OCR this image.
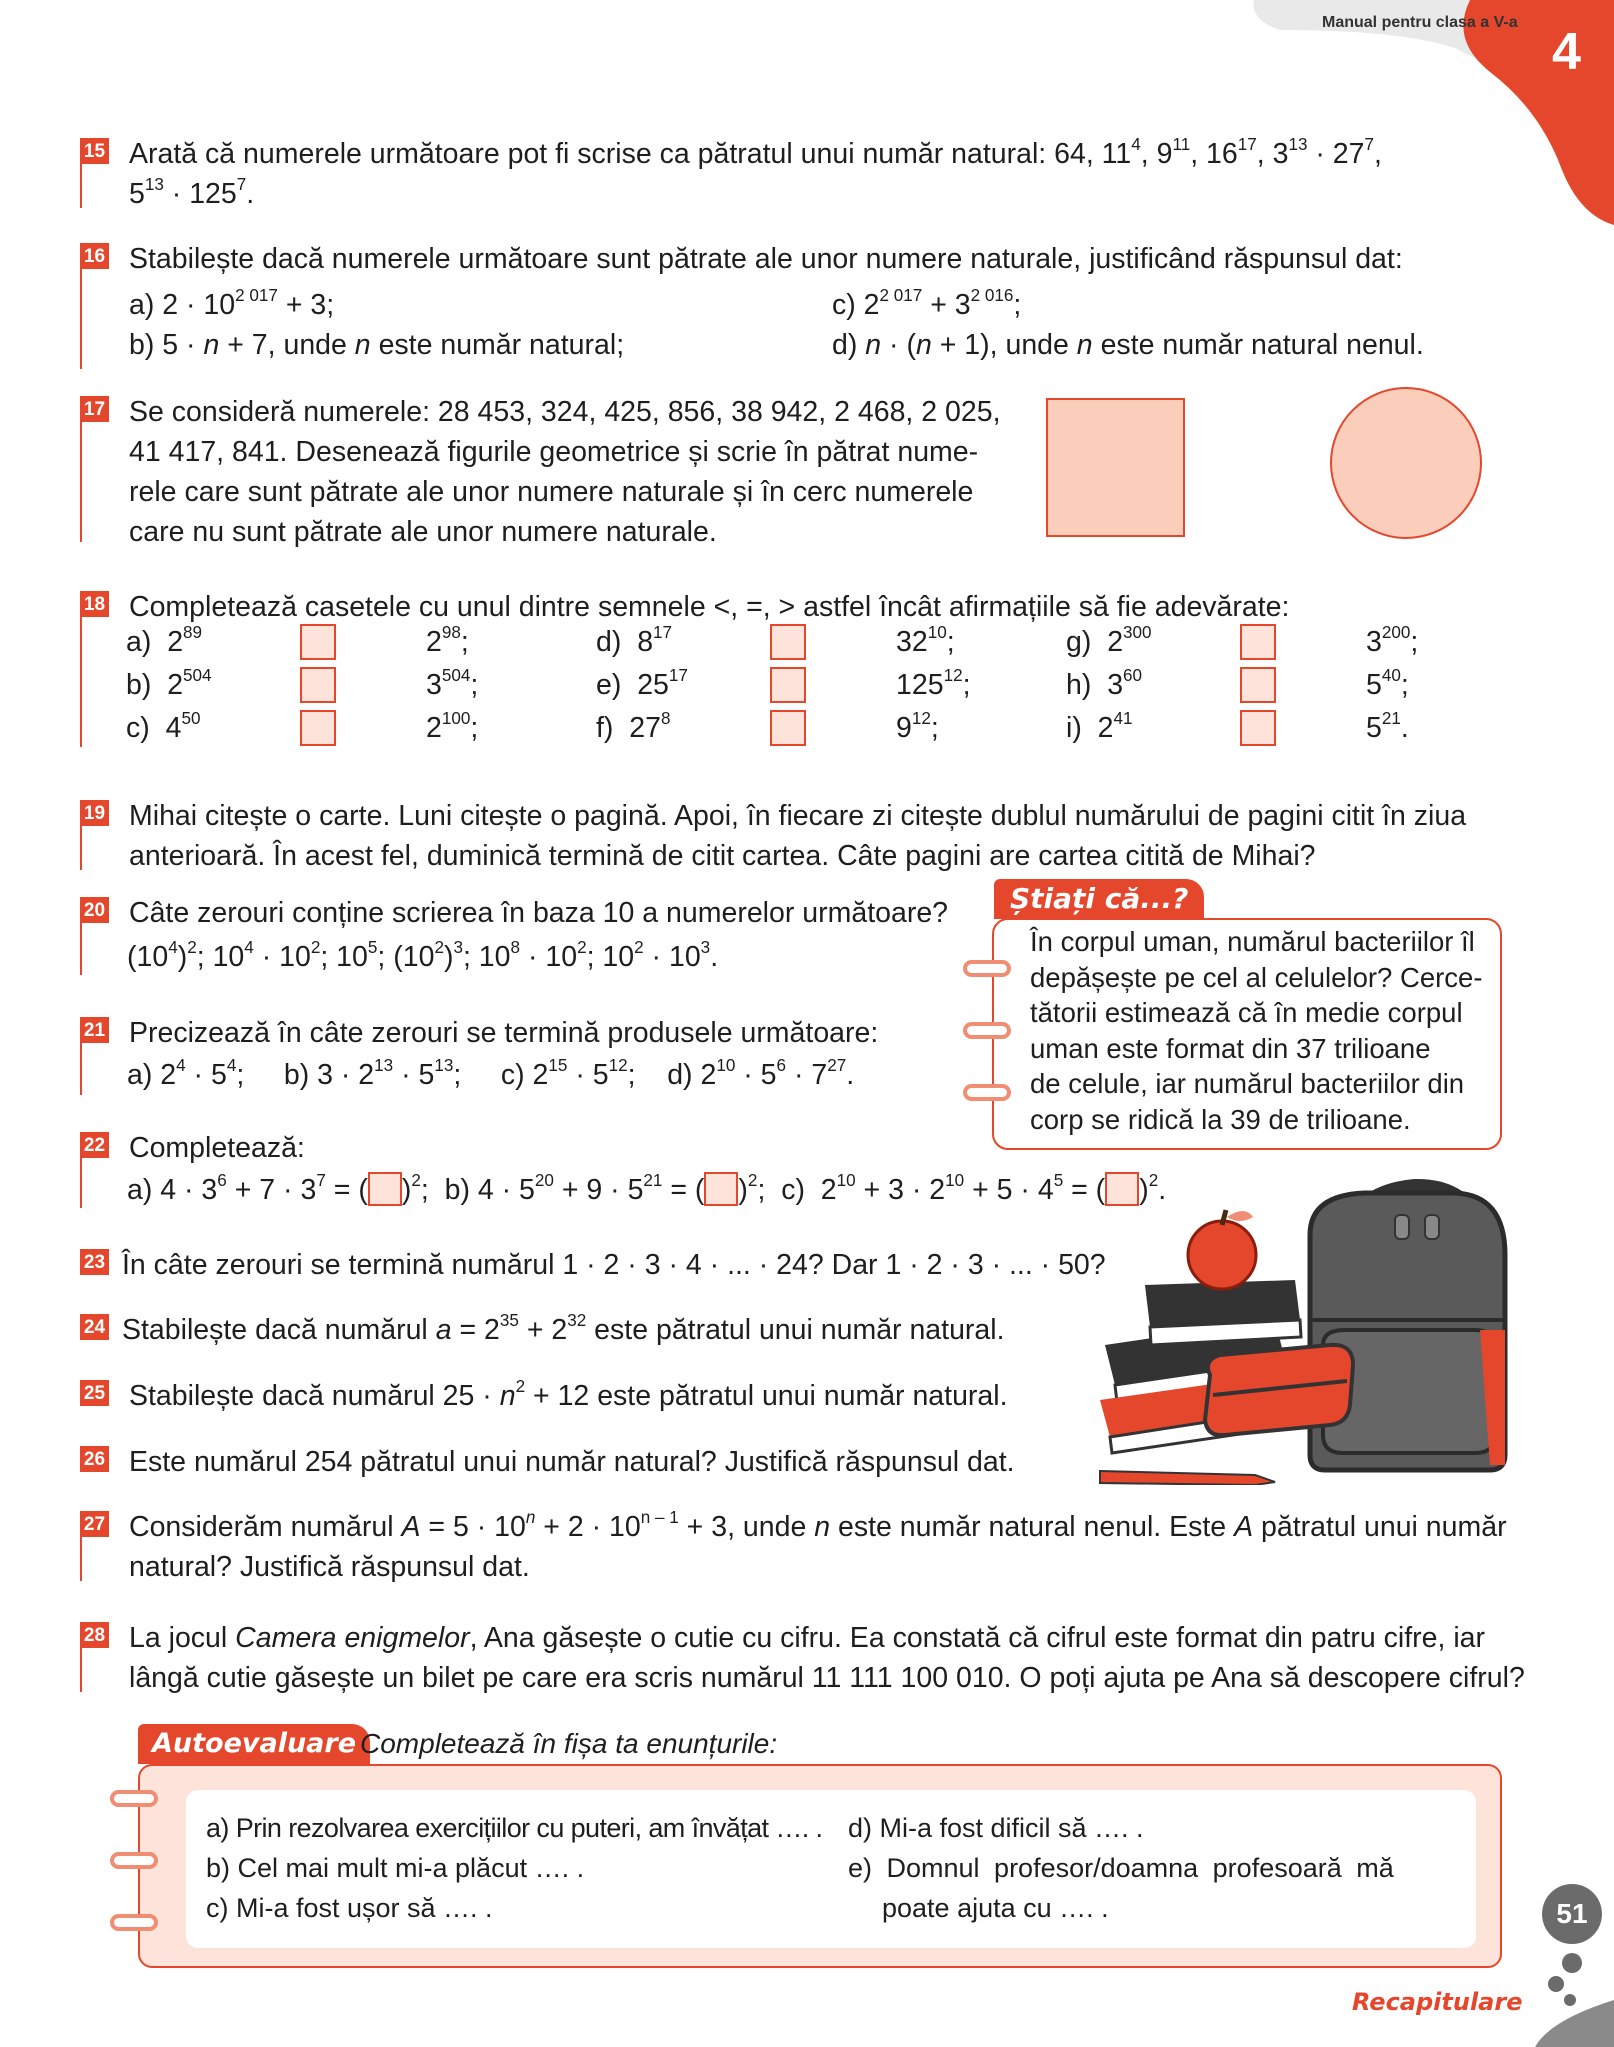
Manual pentru clasa a V-a
4
15 Arată că numerele următoare pot fi scrise ca pătratul unui număr natural: 64, $11^4$, $9^{11}$, $16^{17}$, $3^{13} \cdot 27^7$,
$5^{13} \cdot 125^7$.
16 Stabilește dacă numerele următoare sunt pătrate ale unor numere naturale, justificând răspunsul dat:
a) $2 \cdot 10^{2 017} + 3$;
b) 5 · n + 7, unde n este număr natural;
c) $2^{2 017} + 3^{2 016}$;
d) n · (n + 1), unde n este număr natural nenul.
17 Se consideră numerele: 28 453, 324, 425, 856, 38 942, 2 468, 2 025,
41 417, 841. Desenează figurile geometrice și scrie în pătrat nume-
rele care sunt pătrate ale unor numere naturale și în cerc numerele
care nu sunt pătrate ale unor numere naturale.
18 Completează casetele cu unul dintre semnele <, =, > astfel încât afirmațiile să fie adevărate:
a) $2^{89}$	$2^{98}$;	d) $8^{17}$	$32^{10}$;	g) $2^{300}$	$3^{200}$;
b) $2^{504}$	$3^{504}$;	e) $25^{17}$	$125^{12}$;	h) $3^{60}$	$5^{40}$;
c) $4^{50}$	$2^{100}$;	f) $27^8$	$9^{12}$;	i) $2^{41}$	$5^{21}$.
19 Mihai citește o carte. Luni citește o pagină. Apoi, în fiecare zi citește dublul numărului de pagini citit în ziua
anterioară. În acest fel, duminică termină de citit cartea. Câte pagini are cartea citită de Mihai?
20 Câte zerouri conține scrierea în baza 10 a numerelor următoare?
$(10^4)^2$; $10^4 \cdot 10^2$; $10^5$; $(10^2)^3$; $10^8 \cdot 10^2$; $10^2 \cdot 10^3$.
21 Precizează în câte zerouri se termină produsele următoare:
a) $2^4 \cdot 5^4$;     b) $3 \cdot 2^{13} \cdot 5^{13}$;     c) $2^{15} \cdot 5^{12}$;    d) $2^{10} \cdot 5^6 \cdot 7^{27}$.
22 Completează:
a) $4 \cdot 3^6 + 7 \cdot 3^7$ = ( )$^2$;  b) $4 \cdot 5^{20} + 9 \cdot 5^{21}$ = ( )$^2$;  c)  $2^{10} + 3 \cdot 2^{10} + 5 \cdot 4^5$ = ( )$^2$.
23 În câte zerouri se termină numărul 1 · 2 · 3 · 4 · ... · 24? Dar 1 · 2 · 3 · ... · 50?
24 Stabilește dacă numărul $a = 2^{35} + 2^{32}$ este pătratul unui număr natural.
25 Stabilește dacă numărul $25 \cdot n^2 + 12$ este pătratul unui număr natural.
26 Este numărul 254 pătratul unui număr natural? Justifică răspunsul dat.
27 Considerăm numărul $A = 5 \cdot 10^n + 2 \cdot 10^{n - 1} + 3$, unde n este număr natural nenul. Este A pătratul unui număr
natural? Justifică răspunsul dat.
28 La jocul Camera enigmelor, Ana găsește o cutie cu cifru. Ea constată că cifrul este format din patru cifre, iar
lângă cutie găsește un bilet pe care era scris numărul 11 111 100 010. O poți ajuta pe Ana să descopere cifrul?
Știați că...?
În corpul uman, numărul bacteriilor îl
depășește pe cel al celulelor? Cerce-
tătorii estimează că în medie corpul
uman este format din 37 trilioane
de celule, iar numărul bacteriilor din
corp se ridică la 39 de trilioane.
Autoevaluare Completează în fișa ta enunțurile:
a) Prin rezolvarea exercițiilor cu puteri, am învățat …. .
b) Cel mai mult mi-a plăcut …. .
c) Mi-a fost ușor să …. .
d) Mi-a fost dificil să …. .
e) Domnul profesor/doamna profesoară mă
poate ajuta cu …. .	51
Recapitulare
